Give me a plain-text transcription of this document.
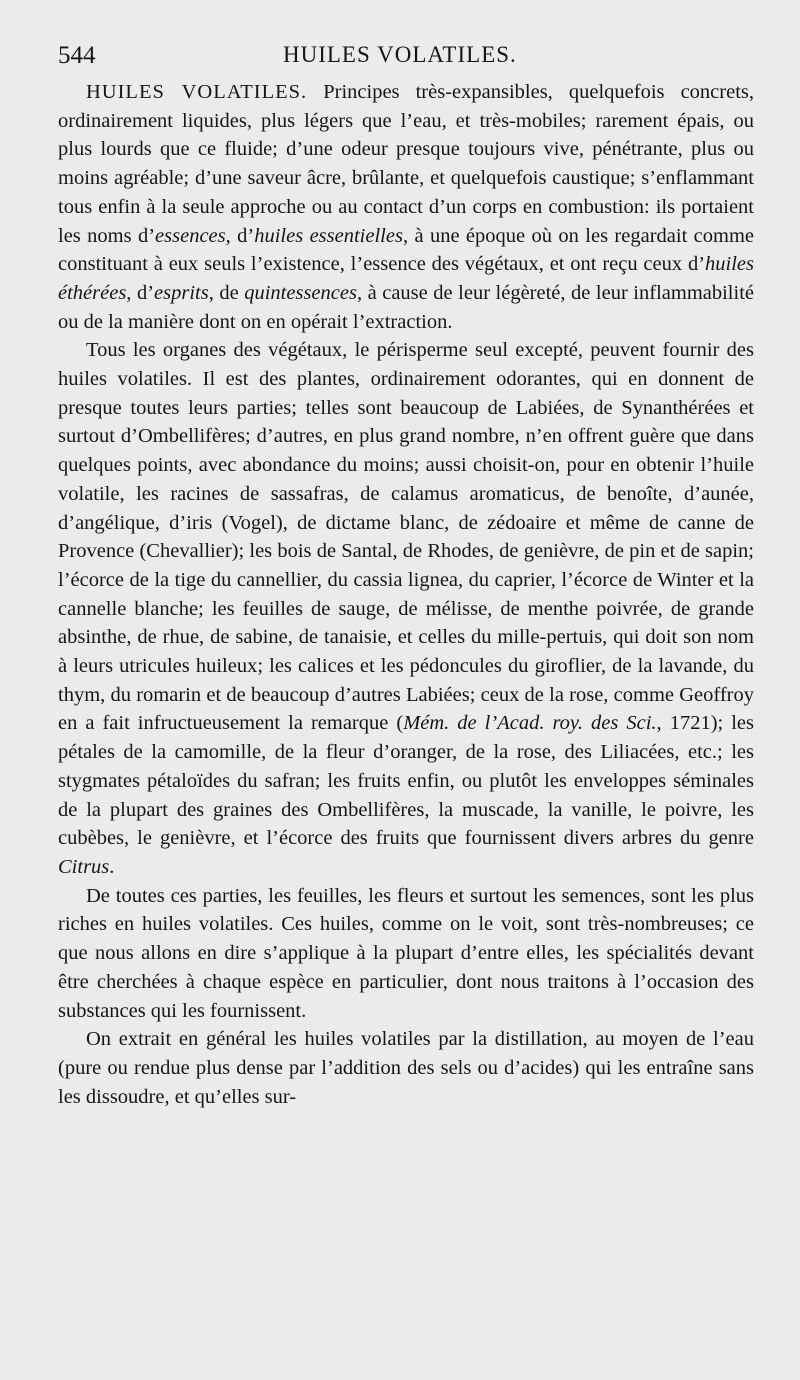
544	HUILES VOLATILES.

HUILES VOLATILES. Principes très-expansibles, quelquefois concrets, ordinairement liquides, plus légers que l’eau, et très-mobiles; rarement épais, ou plus lourds que ce fluide; d’une odeur presque toujours vive, pénétrante, plus ou moins agréable; d’une saveur âcre, brûlante, et quelquefois caustique; s’enflammant tous enfin à la seule approche ou au contact d’un corps en combustion: ils portaient les noms d’essences, d’huiles essentielles, à une époque où on les regardait comme constituant à eux seuls l’existence, l’essence des végétaux, et ont reçu ceux d’huiles éthérées, d’esprits, de quintessences, à cause de leur légèreté, de leur inflammabilité ou de la manière dont on en opérait l’extraction.

Tous les organes des végétaux, le périsperme seul excepté, peuvent fournir des huiles volatiles. Il est des plantes, ordinairement odorantes, qui en donnent de presque toutes leurs parties; telles sont beaucoup de Labiées, de Synanthérées et surtout d’Ombellifères; d’autres, en plus grand nombre, n’en offrent guère que dans quelques points, avec abondance du moins; aussi choisit-on, pour en obtenir l’huile volatile, les racines de sassafras, de calamus aromaticus, de benoîte, d’aunée, d’angélique, d’iris (Vogel), de dictame blanc, de zédoaire et même de canne de Provence (Chevallier); les bois de Santal, de Rhodes, de genièvre, de pin et de sapin; l’écorce de la tige du cannellier, du cassia lignea, du caprier, l’écorce de Winter et la cannelle blanche; les feuilles de sauge, de mélisse, de menthe poivrée, de grande absinthe, de rhue, de sabine, de tanaisie, et celles du mille-pertuis, qui doit son nom à leurs utricules huileux; les calices et les pédoncules du giroflier, de la lavande, du thym, du romarin et de beaucoup d’autres Labiées; ceux de la rose, comme Geoffroy en a fait infructueusement la remarque (Mém. de l’Acad. roy. des Sci., 1721); les pétales de la camomille, de la fleur d’oranger, de la rose, des Liliacées, etc.; les stygmates pétaloïdes du safran; les fruits enfin, ou plutôt les enveloppes séminales de la plupart des graines des Ombellifères, la muscade, la vanille, le poivre, les cubèbes, le genièvre, et l’écorce des fruits que fournissent divers arbres du genre Citrus.

De toutes ces parties, les feuilles, les fleurs et surtout les semences, sont les plus riches en huiles volatiles. Ces huiles, comme on le voit, sont très-nombreuses; ce que nous allons en dire s’applique à la plupart d’entre elles, les spécialités devant être cherchées à chaque espèce en particulier, dont nous traitons à l’occasion des substances qui les fournissent.

On extrait en général les huiles volatiles par la distillation, au moyen de l’eau (pure ou rendue plus dense par l’addition des sels ou d’acides) qui les entraîne sans les dissoudre, et qu’elles sur-
